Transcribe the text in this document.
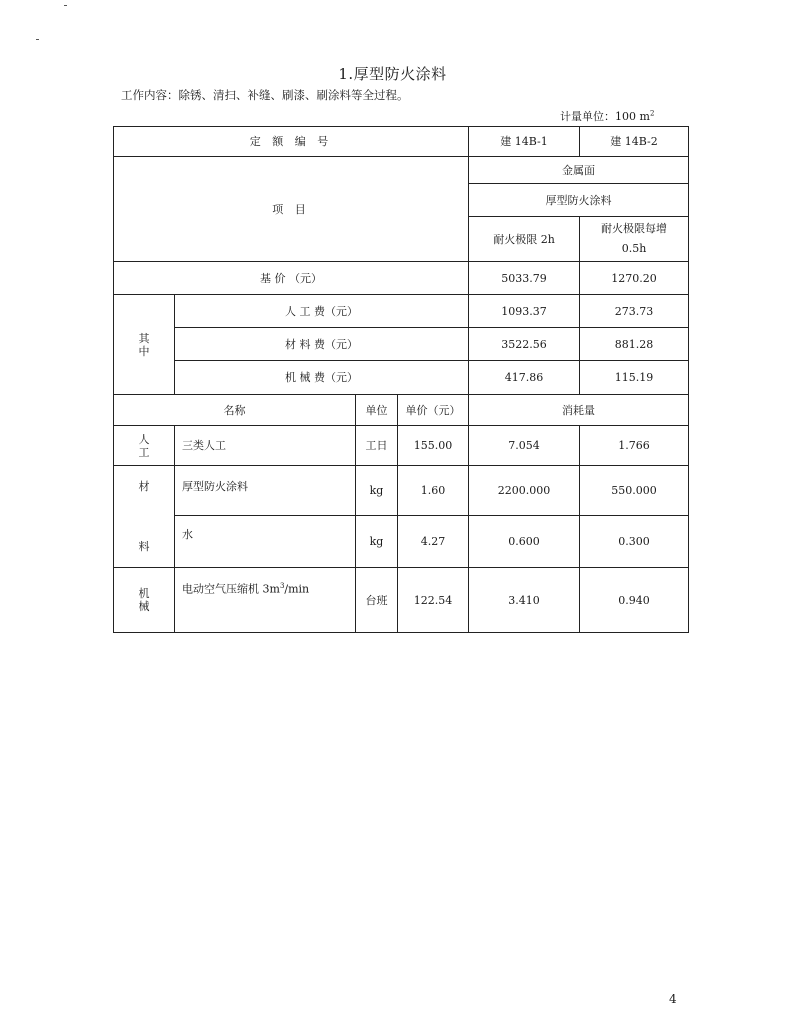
1.厚型防火涂料
工作内容：除锈、清扫、补缝、刷漆、刷涂料等全过程。
计量单位：100 $m^2$
定 额 编 号				建 14B-1	建 14B-2
项 目				金属面	
				厚型防火涂料	
				耐火极限 2h	耐火极限每增
0.5h
基 价 （元）				5033.79	1270.20
其
中	人 工 费（元）			1093.37	273.73
	材 料 费（元）			3522.56	881.28
	机 械 费（元）			417.86	115.19
名称		单位	单价（元）	消耗量	
人
工	三类人工	工日	155.00	7.054	1.766

材
料	厚型防火涂料	kg	1.60	2200.000	550.000
	水	kg	4.27	0.600	0.300
机
械	电动空气压缩机 $3m^3/\min$	台班	122.54	3.410	0.940
4
